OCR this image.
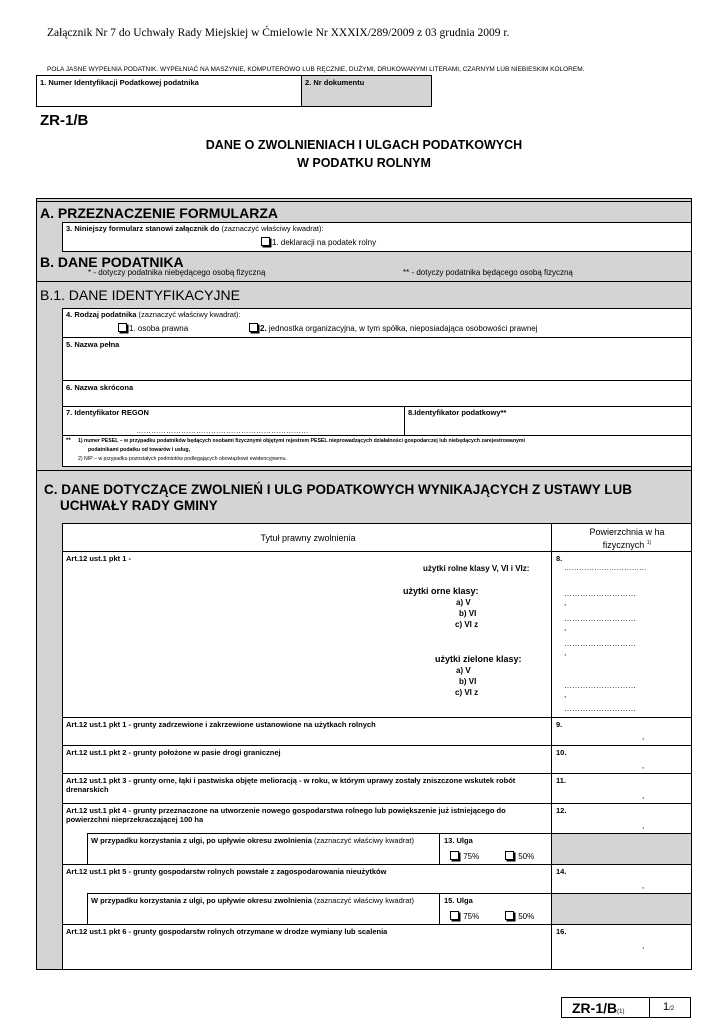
Załącznik Nr 7 do Uchwały Rady Miejskiej w Ćmielowie Nr XXXIX/289/2009 z 03 grudnia 2009 r.
POLA JASNE WYPEŁNIA PODATNIK. WYPEŁNIAĆ NA MASZYNIE, KOMPUTEROWO LUB RĘCZNIE, DUŻYMI, DRUKOWANYMI LITERAMI, CZARNYM LUB NIEBIESKIM KOLOREM.
1. Numer Identyfikacji Podatkowej podatnika	2. Nr dokumentu
ZR-1/B
DANE O ZWOLNIENIACH I ULGACH PODATKOWYCH
W PODATKU ROLNYM
A. PRZEZNACZENIE FORMULARZA
3. Niniejszy formularz stanowi załącznik do (zaznaczyć właściwy kwadrat):
1. deklaracji na podatek rolny
B. DANE PODATNIKA
* - dotyczy podatnika niebędącego osobą fizyczną	** - dotyczy podatnika będącego osobą fizyczną
B.1. DANE IDENTYFIKACYJNE
4. Rodzaj podatnika (zaznaczyć właściwy kwadrat):
1. osoba prawna	2. jednostka organizacyjna, w tym spółka, nieposiadająca osobowości prawnej
5. Nazwa pełna
6. Nazwa skrócona
7. Identyfikator REGON
……………………………………………………………
8.Identyfikator podatkowy**
** 1) numer PESEL – w przypadku podatników będących osobami fizycznymi objętymi rejestrem PESEL nieprowadzących działalności gospodarczej lub niebędących zarejestrowanymi
podatnikami podatku od towarów i usług,
2) NIP – w przypadku pozostałych podmiotów podlegających obowiązkowi ewidencyjnemu.
C. DANE DOTYCZĄCE ZWOLNIEŃ I ULG PODATKOWYCH WYNIKAJĄCYCH Z USTAWY LUB
UCHWAŁY RADY GMINY
Tytuł prawny zwolnienia
Powierzchnia w ha fizycznych $^{1)}$
Art.12 ust.1 pkt 1 -
użytki rolne klasy V, VI i VIz:
użytki orne klasy:
a) V
b) VI
c) VI z
użytki zielone klasy:
a) V
b) VI
c) VI z
8.
……………………………
………………………
,
………………………
,
………………………
,
………………………
,
………………………
Art.12 ust.1 pkt 1 - grunty zadrzewione i zakrzewione ustanowione na użytkach rolnych	9.
,
Art.12 ust.1 pkt 2 - grunty położone w pasie drogi granicznej	10.
,
Art.12 ust.1 pkt 3 - grunty orne, łąki i pastwiska objęte melioracją - w roku, w którym uprawy zostały zniszczone wskutek robót drenarskich
11.
,
Art.12 ust.1 pkt 4 - grunty przeznaczone na utworzenie nowego gospodarstwa rolnego lub powiększenie już istniejącego do powierzchni nieprzekraczającej 100 ha
12.
,
W przypadku korzystania z ulgi, po upływie okresu zwolnienia (zaznaczyć właściwy kwadrat)	13. Ulga
75%	50%
Art.12 ust.1 pkt 5 - grunty gospodarstw rolnych powstałe z zagospodarowania nieużytków	14.
,
W przypadku korzystania z ulgi, po upływie okresu zwolnienia (zaznaczyć właściwy kwadrat)	15. Ulga
75%	50%
Art.12 ust.1 pkt 6 - grunty gospodarstw rolnych otrzymane w drodze wymiany lub scalenia	16.
,
ZR-1/B(1)	1/2
